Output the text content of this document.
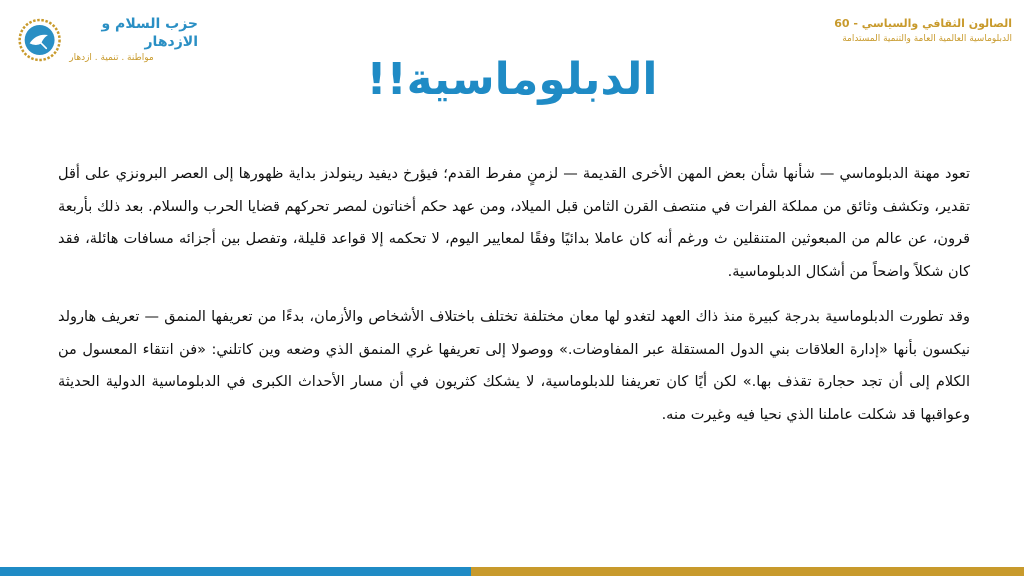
حزب السلام و الازدهار
مواطنة . تنمية . ازدهار
الصالون الثقافي والسياسي - 60
الدبلوماسية العالمية العامة والتنمية المستدامة
الدبلوماسية!!

تعود مهنة الدبلوماسي — شأنها شأن بعض المهن الأخرى القديمة — لزمنٍ مفرط القدم؛ فيؤرخ ديفيد رينولدز بداية ظهورها إلى العصر البرونزي على أقل تقدير، وتكشف وثائق من مملكة الفرات في منتصف القرن الثامن قبل الميلاد، ومن عهد حكم أخناتون لمصر تحركهم قضايا الحرب والسلام. بعد ذلك بأربعة قرون، عن عالم من المبعوثين المتنقلين ث ورغم أنه كان عاملا بدائيًا وفقًا لمعايير اليوم، لا تحكمه إلا قواعد قليلة، وتفصل بين أجزائه مسافات هائلة، فقد كان شكلاً واضحاً من أشكال الدبلوماسية.

وقد تطورت الدبلوماسية بدرجة كبيرة منذ ذاك العهد لتغدو لها معان مختلفة تختلف باختلاف الأشخاص والأزمان، بدءًا من تعريفها المنمق — تعريف هارولد نيكسون بأنها «إدارة العلاقات بني الدول المستقلة عبر المفاوضات.» ووصولا إلى تعريفها غري المنمق الذي وضعه وين كاتلني: «فن انتقاء المعسول من الكلام إلى أن تجد حجارة تقذف بها.» لكن أيًا كان تعريفنا للدبلوماسية، لا يشكك كثريون في أن مسار الأحداث الكبرى في الدبلوماسية الدولية الحديثة وعواقبها قد شكلت عاملنا الذي نحيا فيه وغيرت منه.
